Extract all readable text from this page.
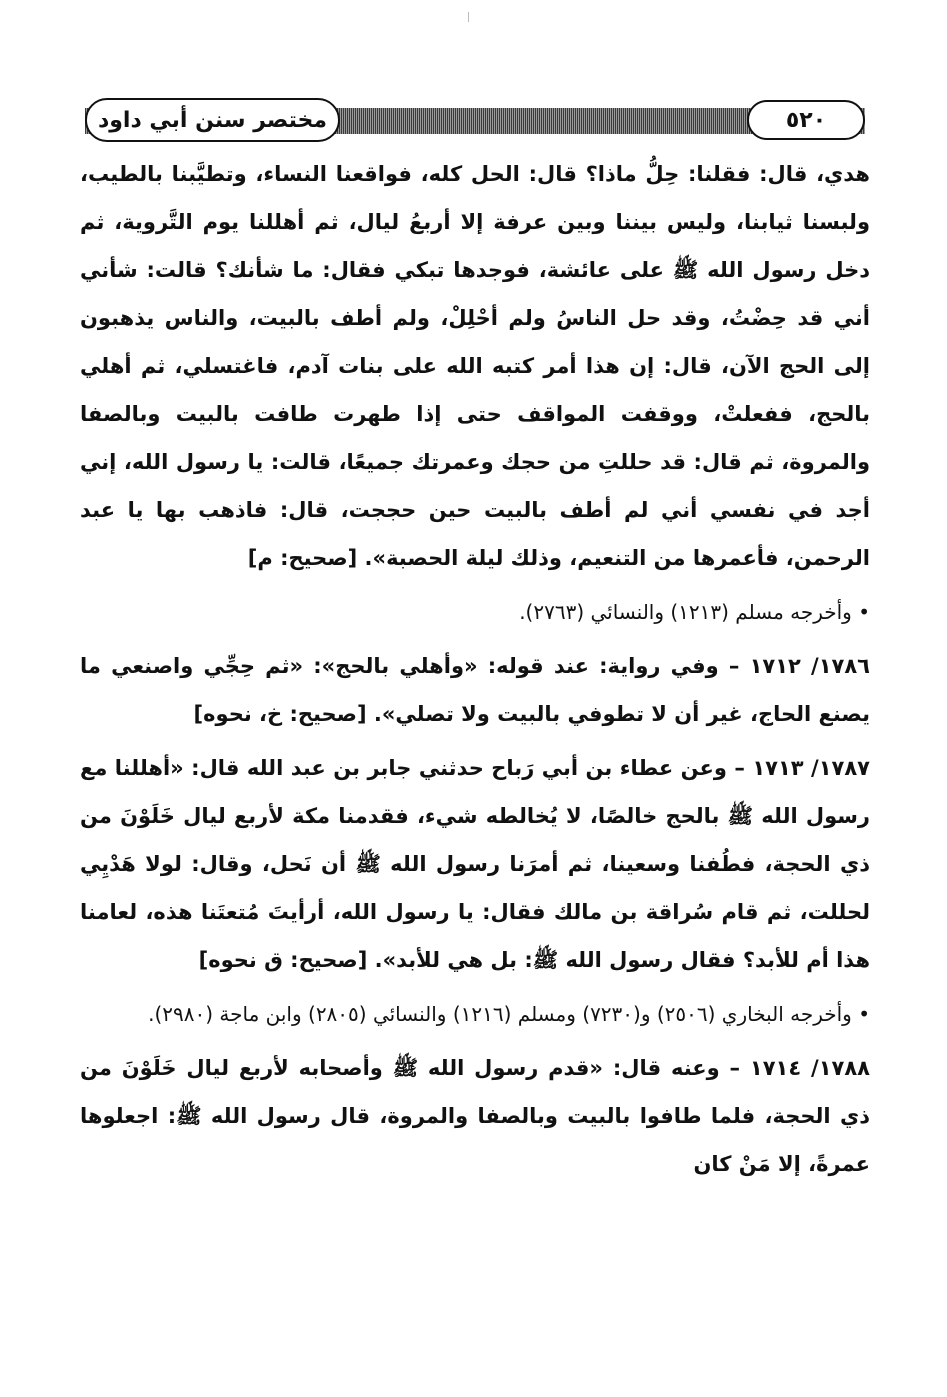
مختصر سنن أبي داود	٥٢٠

هدي، قال: فقلنا: حِلُّ ماذا؟ قال: الحل كله، فواقعنا النساء، وتطيَّبنا بالطيب، ولبسنا ثيابنا، وليس بيننا وبين عرفة إلا أربعُ ليال، ثم أهللنا يوم التَّروية، ثم دخل رسول الله ﷺ على عائشة، فوجدها تبكي فقال: ما شأنك؟ قالت: شأني أني قد حِضْتُ، وقد حل الناسُ ولم أحْلِلْ، ولم أطف بالبيت، والناس يذهبون إلى الحج الآن، قال: إن هذا أمر كتبه الله على بنات آدم، فاغتسلي، ثم أهلي بالحج، ففعلتْ، ووقفت المواقف حتى إذا طهرت طافت بالبيت وبالصفا والمروة، ثم قال: قد حللتِ من حجك وعمرتك جميعًا، قالت: يا رسول الله، إني أجد في نفسي أني لم أطف بالبيت حين حججت، قال: فاذهب بها يا عبد الرحمن، فأعمرها من التنعيم، وذلك ليلة الحصبة». [صحيح: م]

• وأخرجه مسلم (١٢١٣) والنسائي (٢٧٦٣).

١٧٨٦/ ١٧١٢ – وفي رواية: عند قوله: «وأهلي بالحج»: «ثم حِجِّي واصنعي ما يصنع الحاج، غير أن لا تطوفي بالبيت ولا تصلي». [صحيح: خ، نحوه]

١٧٨٧/ ١٧١٣ – وعن عطاء بن أبي رَباح حدثني جابر بن عبد الله قال: «أهللنا مع رسول الله ﷺ بالحج خالصًا، لا يُخالطه شيء، فقدمنا مكة لأربع ليال خَلَوْنَ من ذي الحجة، فطُفنا وسعينا، ثم أمرَنا رسول الله ﷺ أن نَحل، وقال: لولا هَدْيِي لحللت، ثم قام سُراقة بن مالك فقال: يا رسول الله، أرأيتَ مُتعتَنا هذه، لعامنا هذا أم للأبد؟ فقال رسول الله ﷺ: بل هي للأبد». [صحيح: ق نحوه]

• وأخرجه البخاري (٢٥٠٦) و(٧٢٣٠) ومسلم (١٢١٦) والنسائي (٢٨٠٥) وابن ماجة (٢٩٨٠).

١٧٨٨/ ١٧١٤ – وعنه قال: «قدم رسول الله ﷺ وأصحابه لأربع ليال خَلَوْنَ من ذي الحجة، فلما طافوا بالبيت وبالصفا والمروة، قال رسول الله ﷺ: اجعلوها عمرةً، إلا مَنْ كان
